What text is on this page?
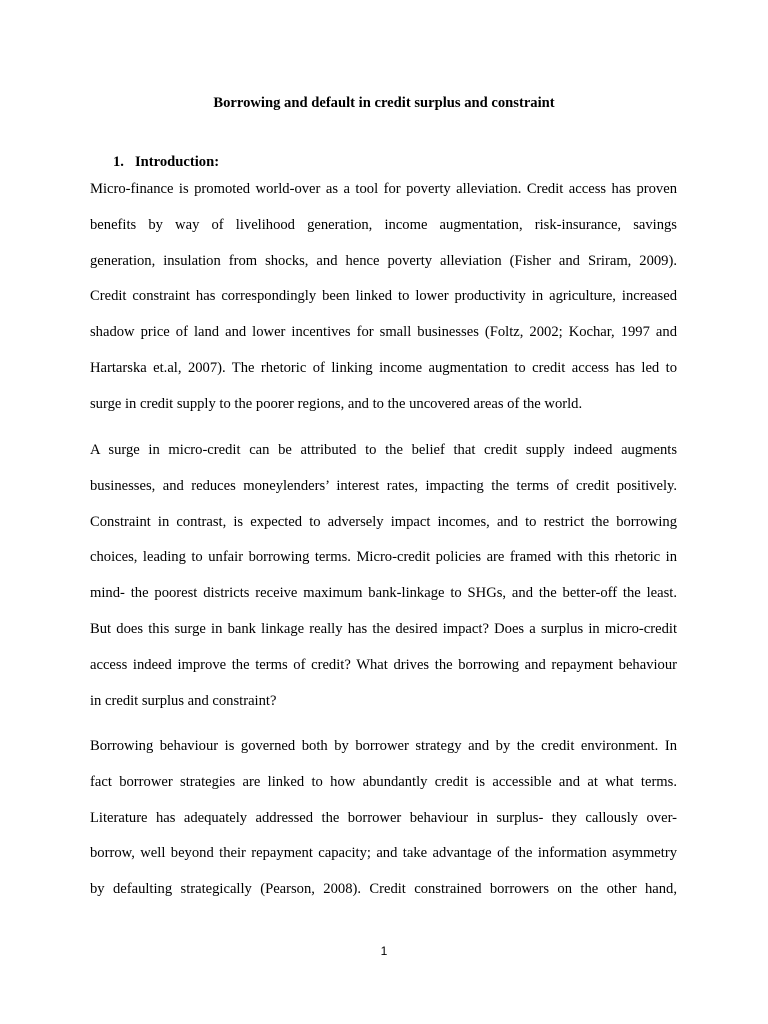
Borrowing and default in credit surplus and constraint
1. Introduction:

Micro-finance is promoted world-over as a tool for poverty alleviation. Credit access has proven
benefits by way of livelihood generation, income augmentation, risk-insurance, savings
generation, insulation from shocks, and hence poverty alleviation (Fisher and Sriram, 2009).
Credit constraint has correspondingly been linked to lower productivity in agriculture, increased
shadow price of land and lower incentives for small businesses (Foltz, 2002; Kochar, 1997 and
Hartarska et.al, 2007). The rhetoric of linking income augmentation to credit access has led to
surge in credit supply to the poorer regions, and to the uncovered areas of the world.

A surge in micro-credit can be attributed to the belief that credit supply indeed augments
businesses, and reduces moneylenders’ interest rates, impacting the terms of credit positively.
Constraint in contrast, is expected to adversely impact incomes, and to restrict the borrowing
choices, leading to unfair borrowing terms. Micro-credit policies are framed with this rhetoric in
mind- the poorest districts receive maximum bank-linkage to SHGs, and the better-off the least.
But does this surge in bank linkage really has the desired impact? Does a surplus in micro-credit
access indeed improve the terms of credit? What drives the borrowing and repayment behaviour
in credit surplus and constraint?

Borrowing behaviour is governed both by borrower strategy and by the credit environment. In
fact borrower strategies are linked to how abundantly credit is accessible and at what terms.
Literature has adequately addressed the borrower behaviour in surplus- they callously over-
borrow, well beyond their repayment capacity; and take advantage of the information asymmetry
by defaulting strategically (Pearson, 2008). Credit constrained borrowers on the other hand,

1
